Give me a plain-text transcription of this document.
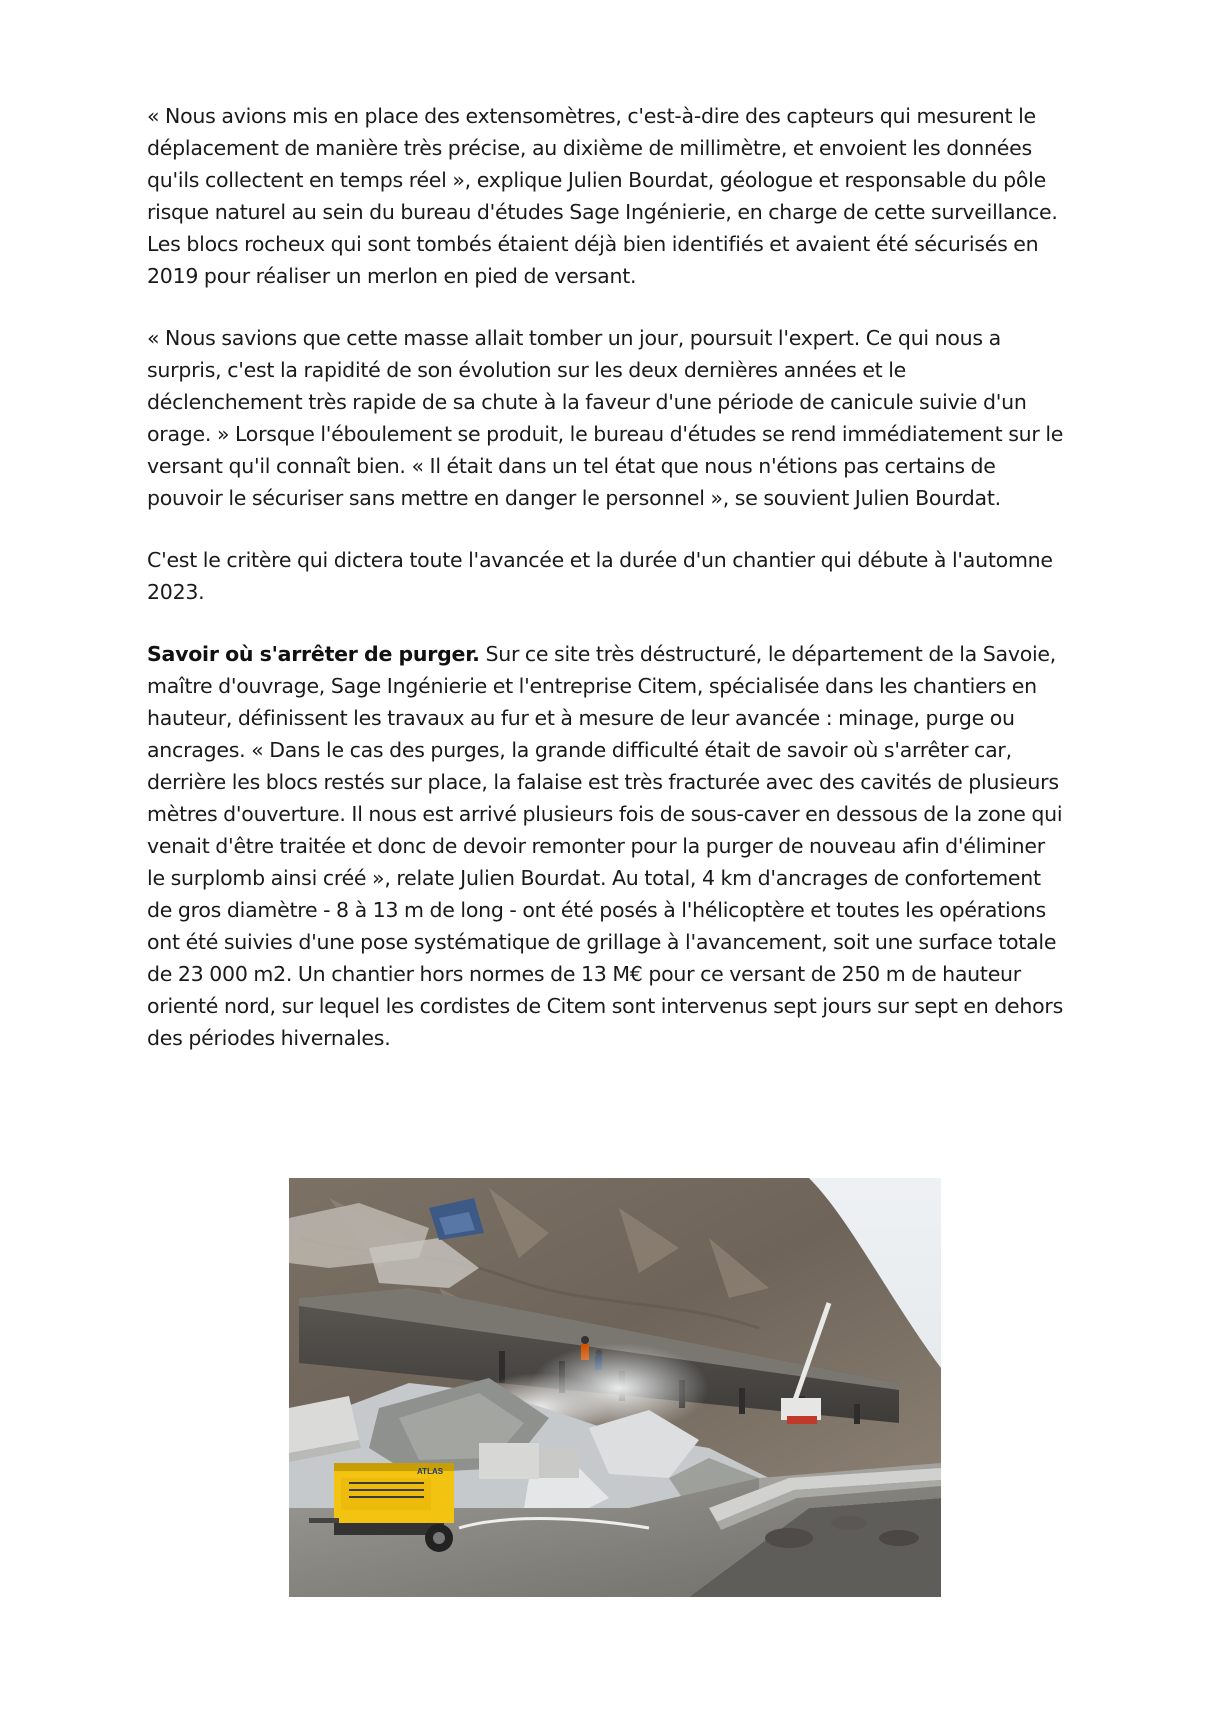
« Nous avions mis en place des extensomètres, c'est-à-dire des capteurs qui mesurent le déplacement de manière très précise, au dixième de millimètre, et envoient les données qu'ils collectent en temps réel », explique Julien Bourdat, géologue et responsable du pôle risque naturel au sein du bureau d'études Sage Ingénierie, en charge de cette surveillance. Les blocs rocheux qui sont tombés étaient déjà bien identifiés et avaient été sécurisés en 2019 pour réaliser un merlon en pied de versant.

« Nous savions que cette masse allait tomber un jour, poursuit l'expert. Ce qui nous a surpris, c'est la rapidité de son évolution sur les deux dernières années et le déclenchement très rapide de sa chute à la faveur d'une période de canicule suivie d'un orage. » Lorsque l'éboulement se produit, le bureau d'études se rend immédiatement sur le versant qu'il connaît bien. « Il était dans un tel état que nous n'étions pas certains de pouvoir le sécuriser sans mettre en danger le personnel », se souvient Julien Bourdat.

C'est le critère qui dictera toute l'avancée et la durée d'un chantier qui débute à l'automne 2023.

Savoir où s'arrêter de purger. Sur ce site très déstructuré, le département de la Savoie, maître d'ouvrage, Sage Ingénierie et l'entreprise Citem, spécialisée dans les chantiers en hauteur, définissent les travaux au fur et à mesure de leur avancée : minage, purge ou ancrages. « Dans le cas des purges, la grande difficulté était de savoir où s'arrêter car, derrière les blocs restés sur place, la falaise est très fracturée avec des cavités de plusieurs mètres d'ouverture. Il nous est arrivé plusieurs fois de sous-caver en dessous de la zone qui venait d'être traitée et donc de devoir remonter pour la purger de nouveau afin d'éliminer le surplomb ainsi créé », relate Julien Bourdat. Au total, 4 km d'ancrages de confortement de gros diamètre - 8 à 13 m de long - ont été posés à l'hélicoptère et toutes les opérations ont été suivies d'une pose systématique de grillage à l'avancement, soit une surface totale de 23 000 m2. Un chantier hors normes de 13 M€ pour ce versant de 250 m de hauteur orienté nord, sur lequel les cordistes de Citem sont intervenus sept jours sur sept en dehors des périodes hivernales.

ATLAS
